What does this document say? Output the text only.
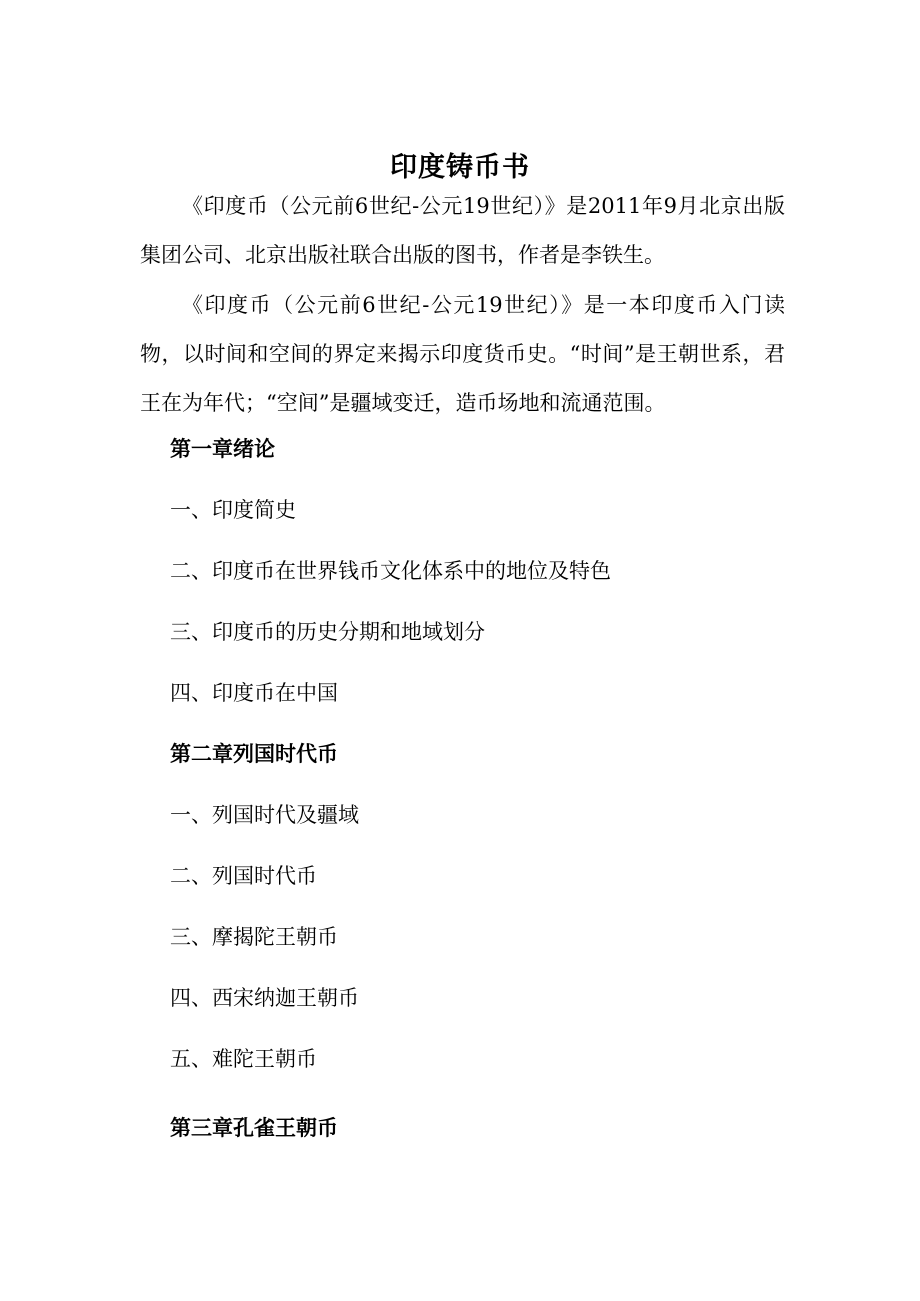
印度铸币书

《印度币（公元前6世纪-公元19世纪）》是2011年9月北京出版集团公司、北京出版社联合出版的图书，作者是李铁生。

《印度币（公元前6世纪-公元19世纪）》是一本印度币入门读物，以时间和空间的界定来揭示印度货币史。“时间”是王朝世系，君王在为年代；“空间”是疆域变迁，造币场地和流通范围。

第一章绪论
一、印度简史
二、印度币在世界钱币文化体系中的地位及特色
三、印度币的历史分期和地域划分
四、印度币在中国
第二章列国时代币
一、列国时代及疆域
二、列国时代币
三、摩揭陀王朝币
四、西宋纳迦王朝币
五、难陀王朝币
第三章孔雀王朝币
